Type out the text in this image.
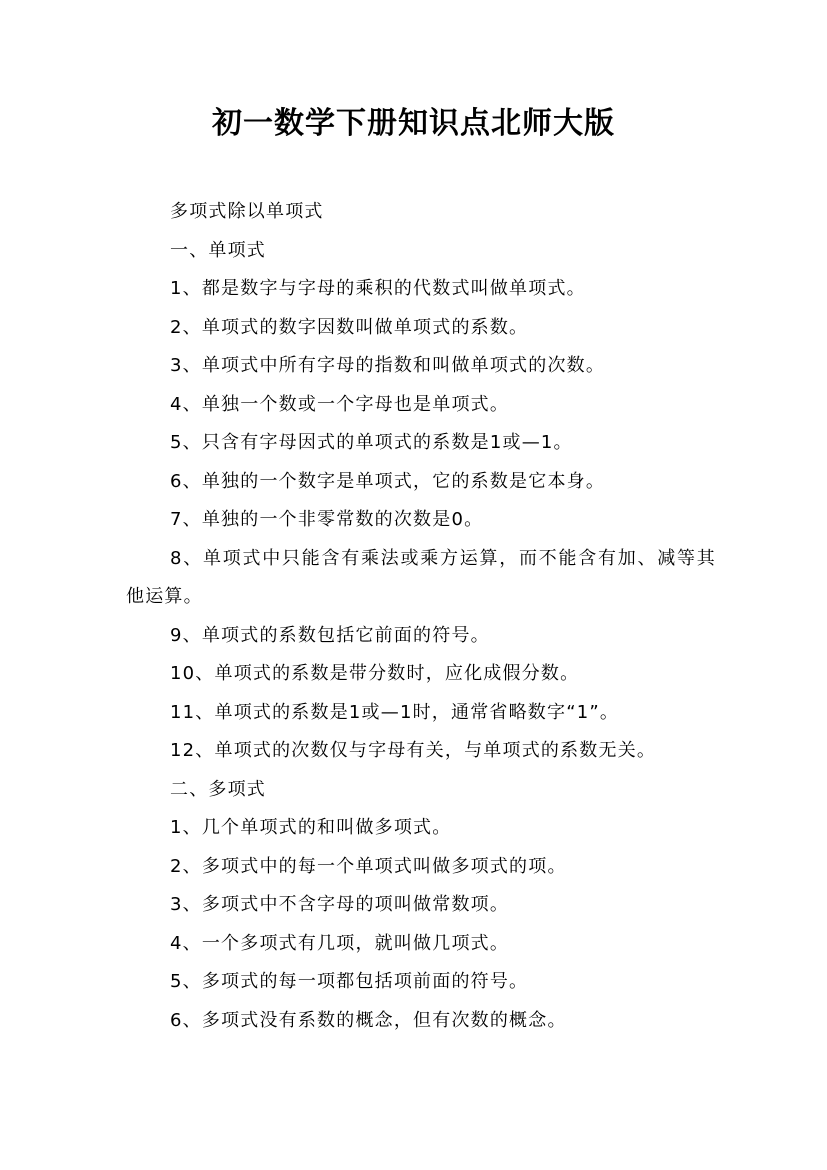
初一数学下册知识点北师大版

多项式除以单项式

一、单项式

1、都是数字与字母的乘积的代数式叫做单项式。

2、单项式的数字因数叫做单项式的系数。

3、单项式中所有字母的指数和叫做单项式的次数。

4、单独一个数或一个字母也是单项式。

5、只含有字母因式的单项式的系数是1或—1。

6、单独的一个数字是单项式，它的系数是它本身。

7、单独的一个非零常数的次数是0。

8、单项式中只能含有乘法或乘方运算，而不能含有加、减等其他运算。

9、单项式的系数包括它前面的符号。

10、单项式的系数是带分数时，应化成假分数。

11、单项式的系数是1或—1时，通常省略数字“1”。

12、单项式的次数仅与字母有关，与单项式的系数无关。

二、多项式

1、几个单项式的和叫做多项式。

2、多项式中的每一个单项式叫做多项式的项。

3、多项式中不含字母的项叫做常数项。

4、一个多项式有几项，就叫做几项式。

5、多项式的每一项都包括项前面的符号。

6、多项式没有系数的概念，但有次数的概念。
